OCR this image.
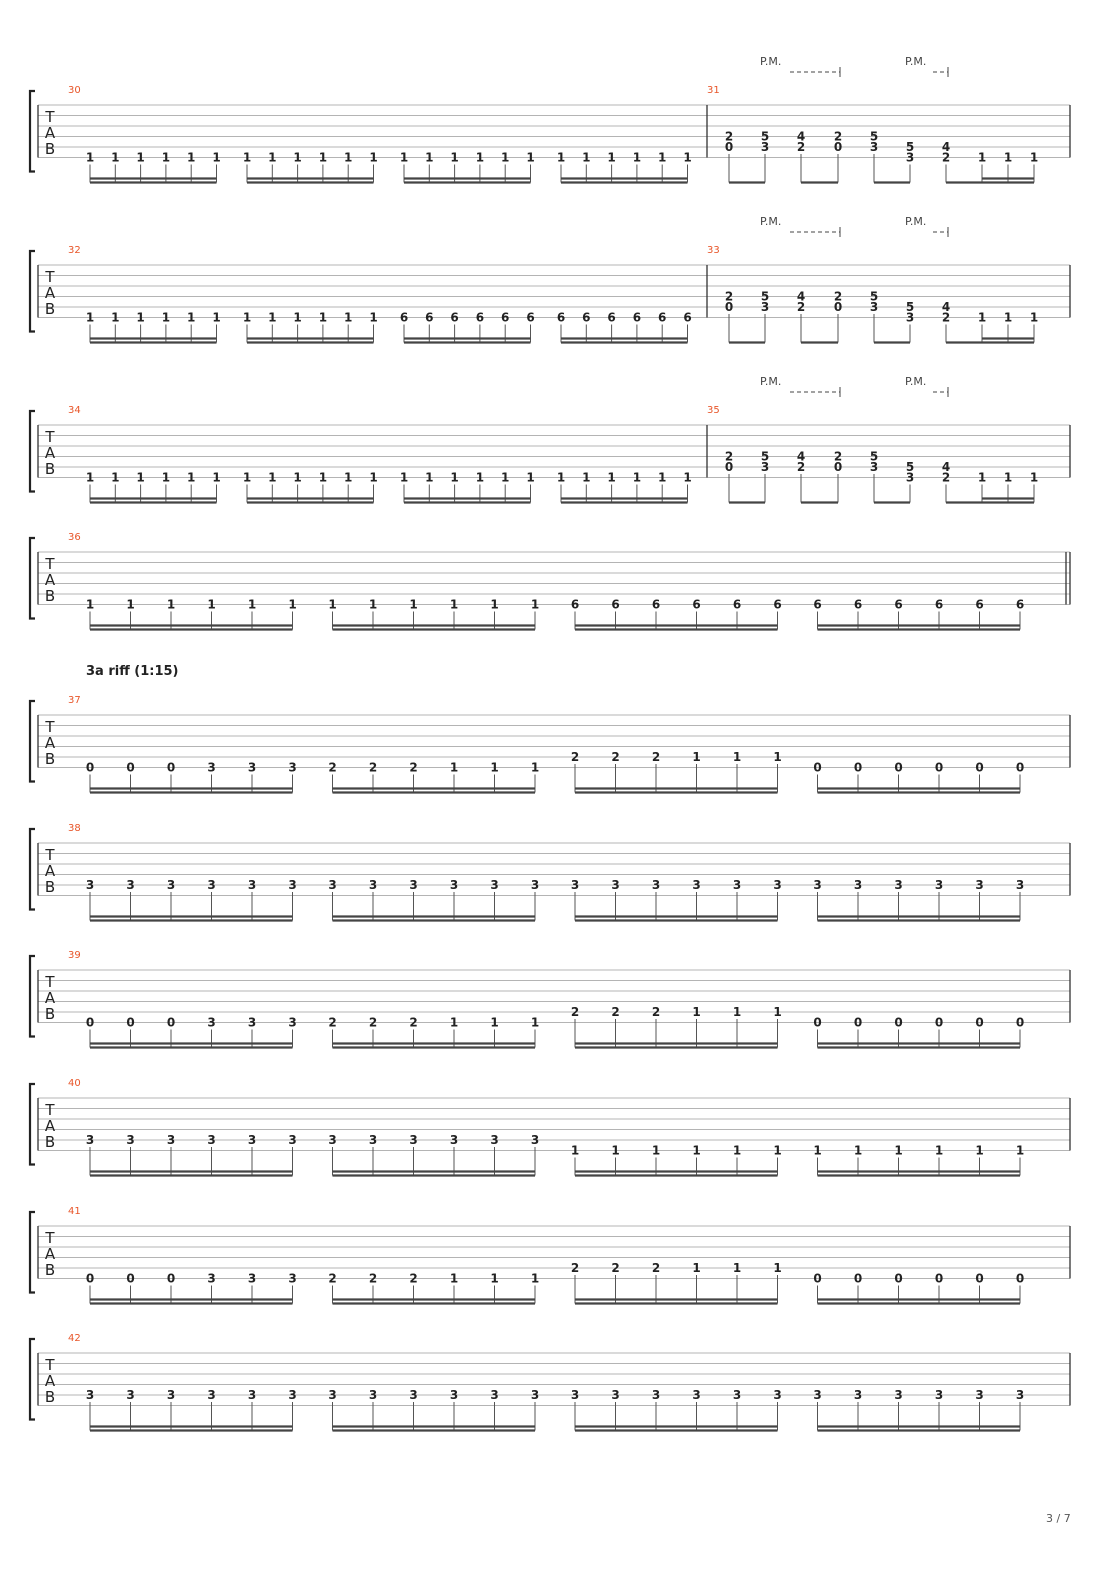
T
A
B
30	31
1 1 1 1 1 1 1 1 1 1 1 1 1 1 1 1 1 1 1 1 1 1 1 1
2
0
5
3
4
2
2
0
5
3 5
3
4
2 1 1 1
P.M.	P.M.
T
A
B
32	33
1 1 1 1 1 1 1 1 1 1 1 1 6 6 6 6 6 6 6 6 6 6 6 6
2
0
5
3
4
2
2
0
5
3 5
3
4
2 1 1 1
P.M.	P.M.
T
A
B
34	35
1 1 1 1 1 1 1 1 1 1 1 1 1 1 1 1 1 1 1 1 1 1 1 1
2
0
5
3
4
2
2
0
5
3 5
3
4
2 1 1 1
P.M.	P.M.
T
A
B
36
1	1	1	1	1	1	1	1	1	1	1	1	6	6	6	6	6	6	6	6	6	6	6	6
T
A
B
37
0	0	0	3	3	3	2	2	2	1	1	1
2	2	2	1	1	1
0	0	0	0	0	0
T
A
B
38
3	3	3	3	3	3	3	3	3	3	3	3	3	3	3	3	3	3	3	3	3	3	3	3
T
A
B
39
0	0	0	3	3	3	2	2	2	1	1	1
2	2	2	1	1	1
0	0	0	0	0	0
T
A
B
40
3	3	3	3	3	3	3	3	3	3	3	3
1	1	1	1	1	1	1	1	1	1	1	1
T
A
B
41
0	0	0	3	3	3	2	2	2	1	1	1
2	2	2	1	1	1
0	0	0	0	0	0
T
A
B
42
3	3	3	3	3	3	3	3	3	3	3	3	3	3	3	3	3	3	3	3	3	3	3	3
3a riff (1:15)
3 / 7
